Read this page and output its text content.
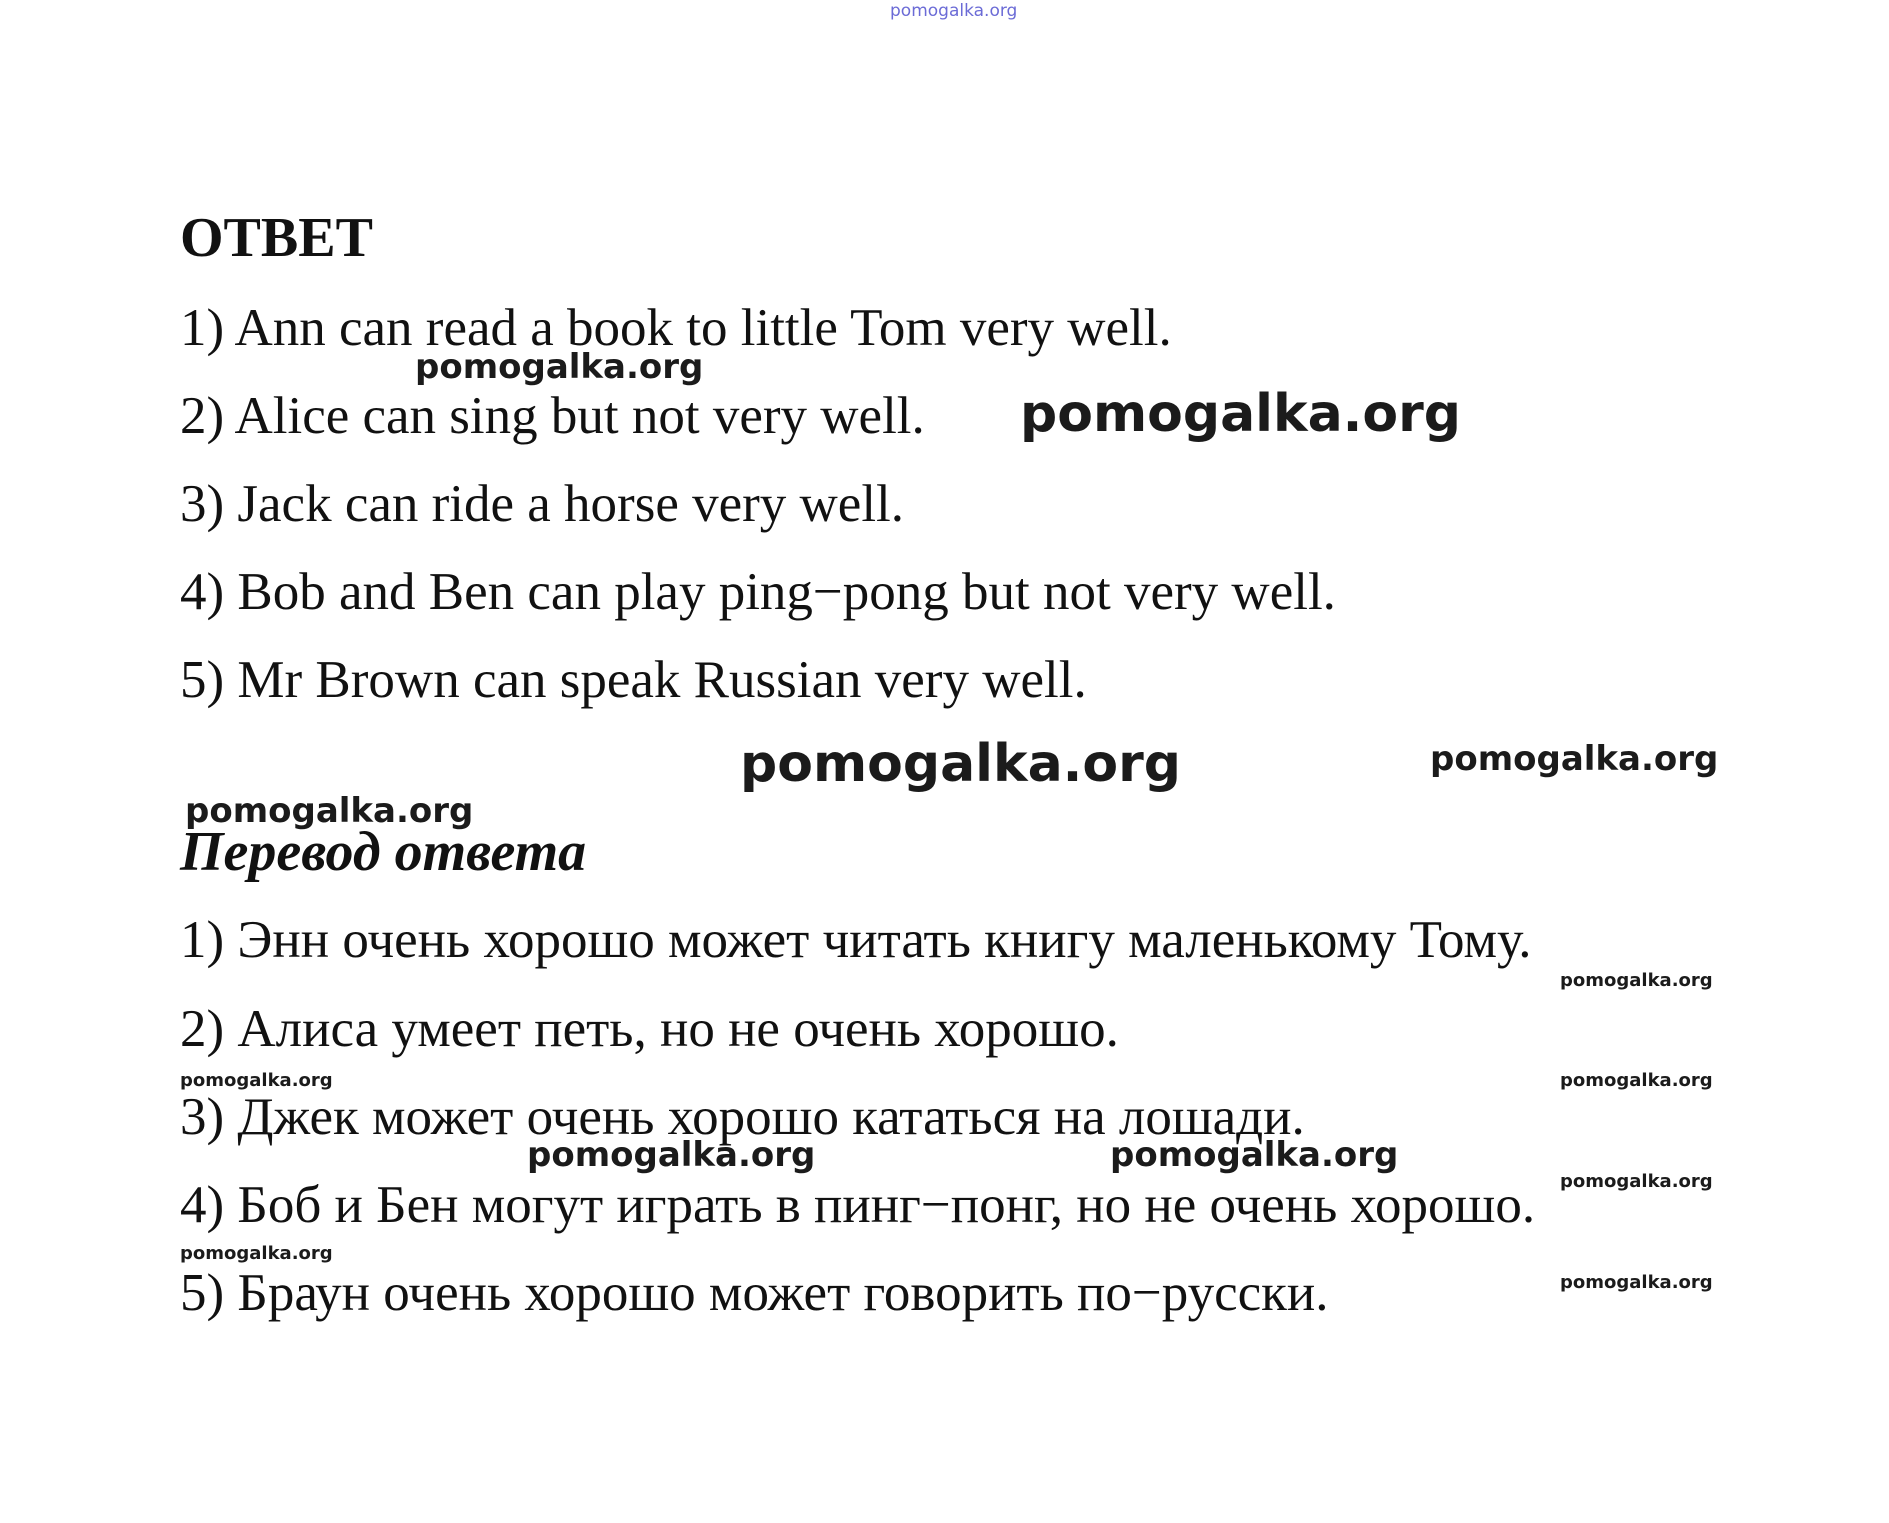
pomogalka.org
ОТВЕТ

1) Ann can read a book to little Tom very well.

2) Alice can sing but not very well.

3) Jack can ride a horse very well.

4) Bob and Ben can play ping−pong but not very well.

5) Mr Brown can speak Russian very well.

Перевод ответа

1) Энн очень хорошо может читать книгу маленькому Тому.

2) Алиса умеет петь, но не очень хорошо.

3) Джек может очень хорошо кататься на лошади.

4) Боб и Бен могут играть в пинг−понг, но не очень хорошо.

5) Браун очень хорошо может говорить по−русски.

pomogalka.org
pomogalka.org
pomogalka.org	pomogalka.org
pomogalka.org
pomogalka.org
pomogalka.org	pomogalka.org
pomogalka.org	pomogalka.org
pomogalka.org
pomogalka.org
pomogalka.org
